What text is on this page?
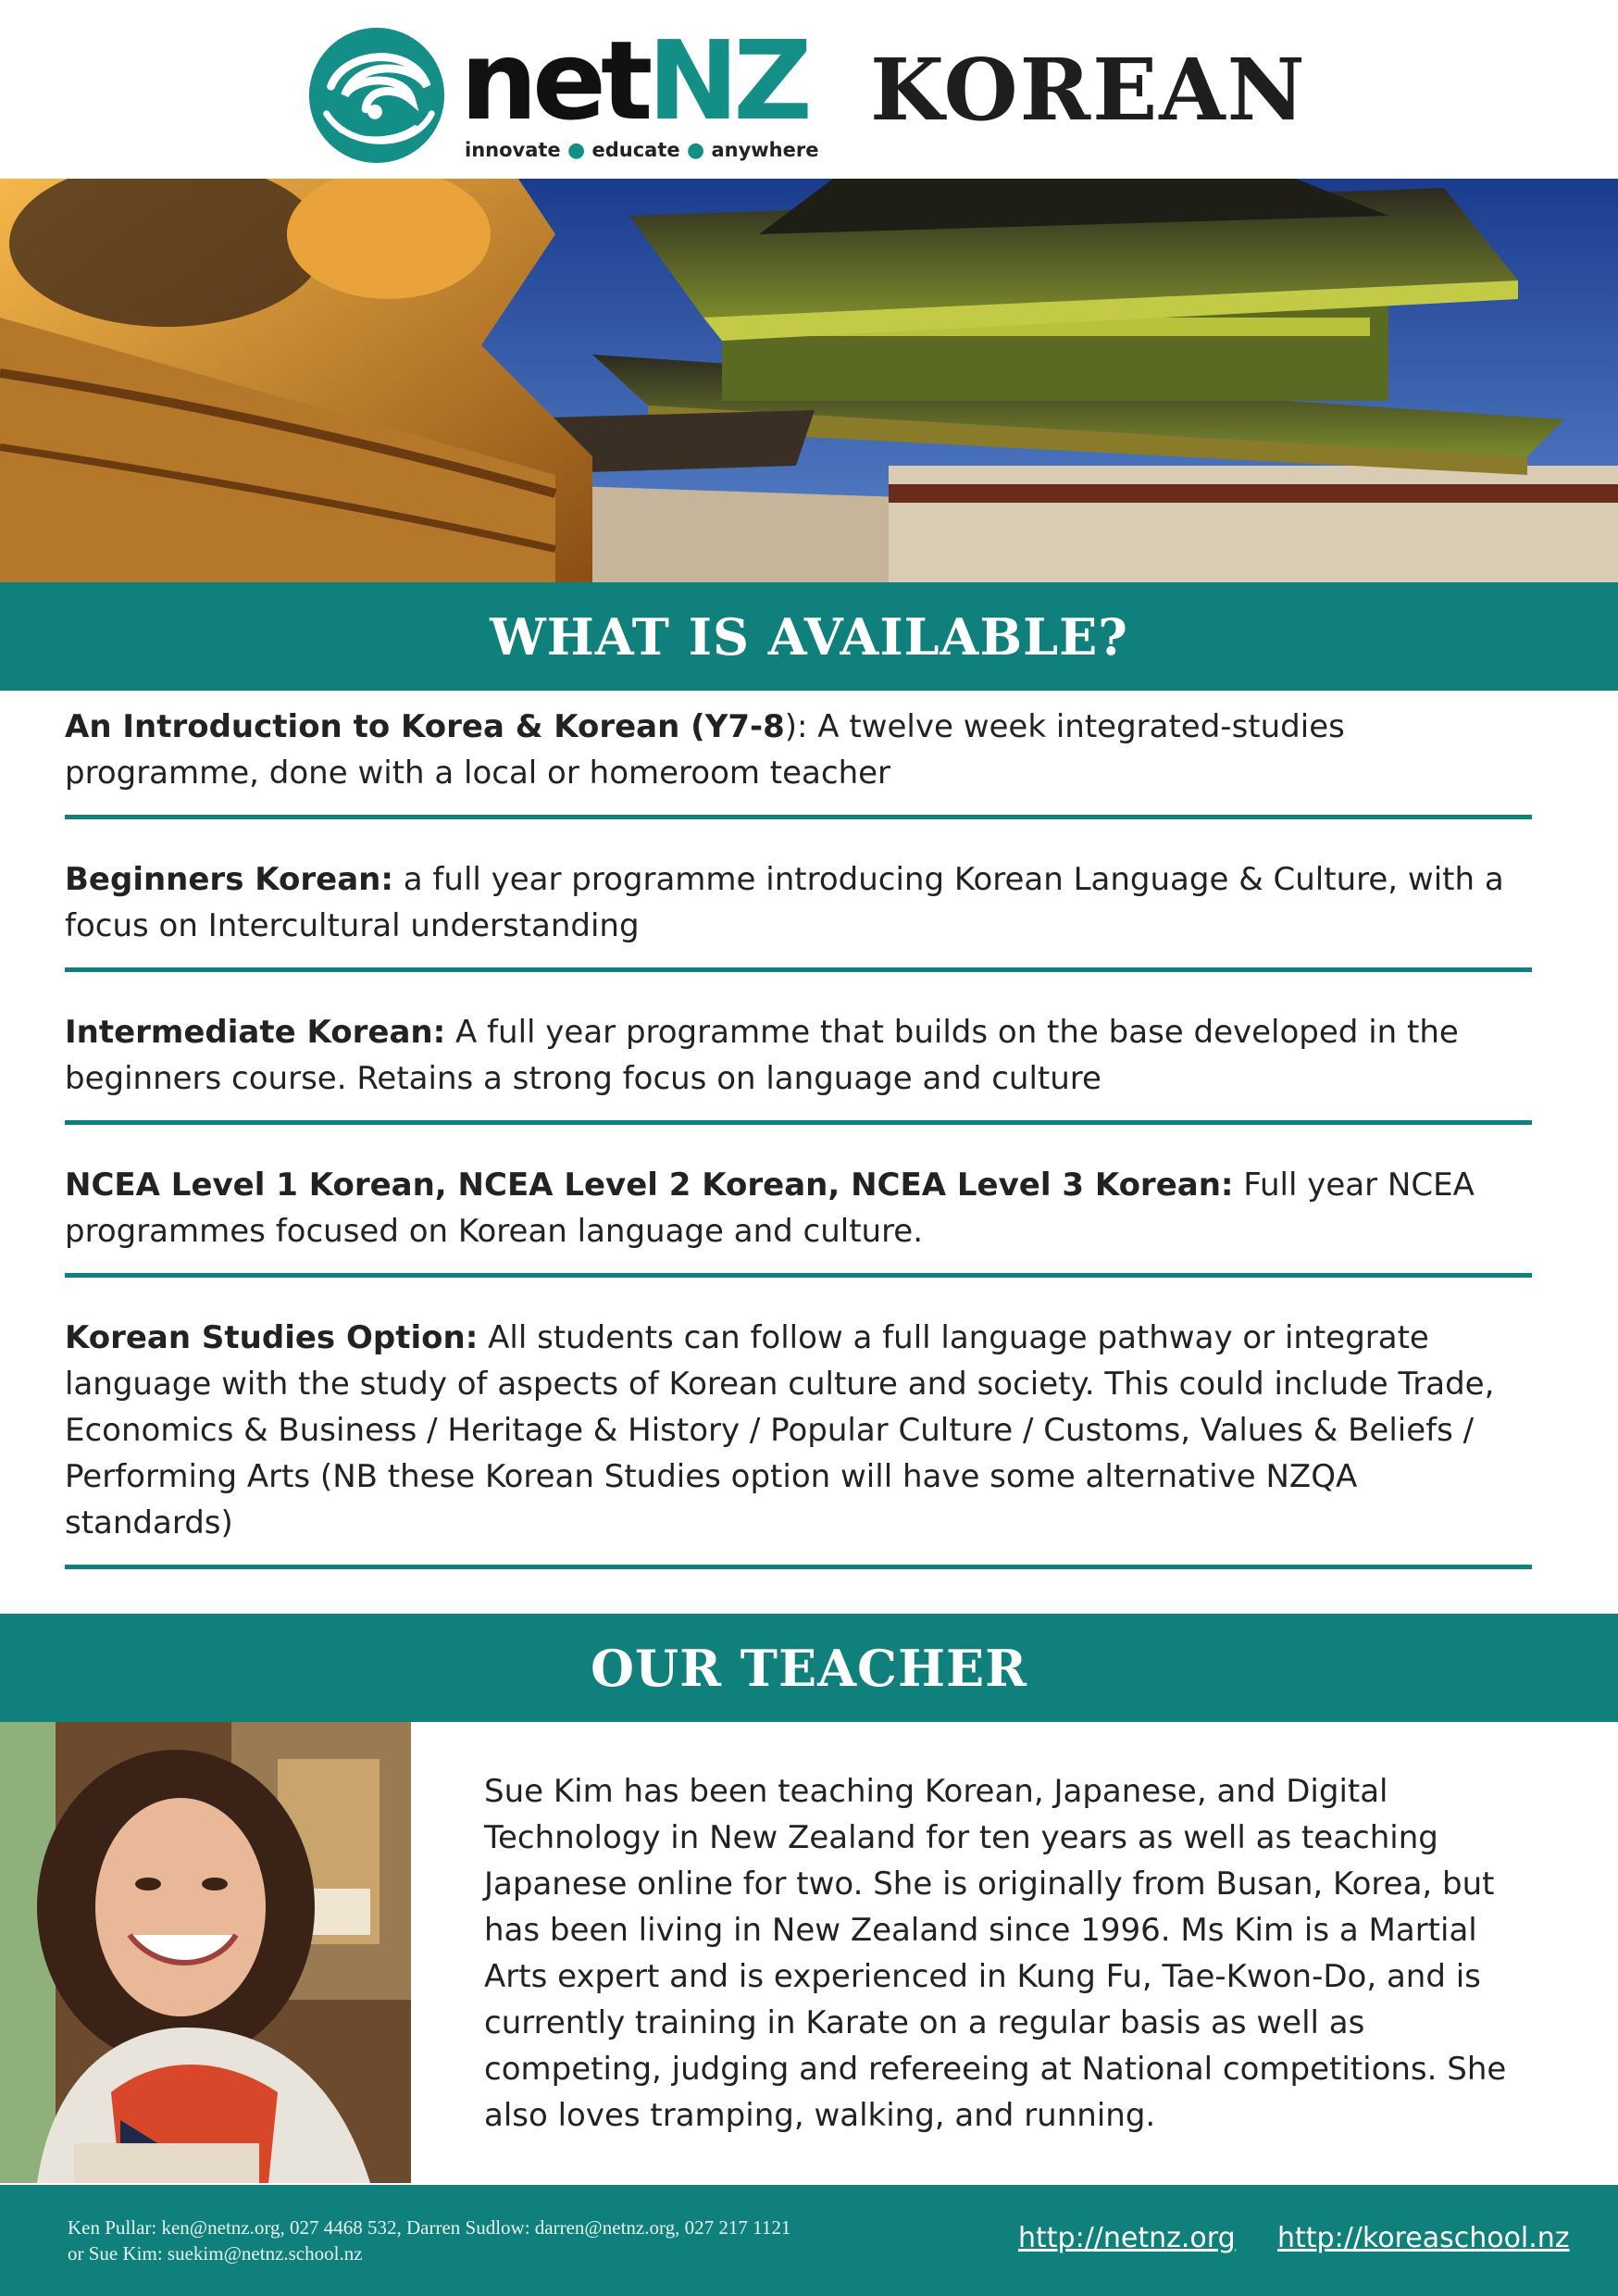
netNZ
innovate ● educate ● anywhere
KOREAN
WHAT IS AVAILABLE?
An Introduction to Korea & Korean (Y7-8): A twelve week integrated-studies programme, done with a local or homeroom teacher
Beginners Korean: a full year programme introducing Korean Language & Culture, with a focus on Intercultural understanding
Intermediate Korean: A full year programme that builds on the base developed in the beginners course. Retains a strong focus on language and culture
NCEA Level 1 Korean, NCEA Level 2 Korean, NCEA Level 3 Korean: Full year NCEA programmes focused on Korean language and culture.
Korean Studies Option: All students can follow a full language pathway or integrate language with the study of aspects of Korean culture and society. This could include Trade, Economics & Business / Heritage & History / Popular Culture / Customs, Values & Beliefs / Performing Arts (NB these Korean Studies option will have some alternative NZQA standards)
OUR TEACHER
Sue Kim has been teaching Korean, Japanese, and Digital Technology in New Zealand for ten years as well as teaching Japanese online for two. She is originally from Busan, Korea, but has been living in New Zealand since 1996. Ms Kim is a Martial Arts expert and is experienced in Kung Fu, Tae-Kwon-Do, and is currently training in Karate on a regular basis as well as competing, judging and refereeing at National competitions. She also loves tramping, walking, and running.
Ken Pullar: ken@netnz.org, 027 4468 532, Darren Sudlow: darren@netnz.org, 027 217 1121
or Sue Kim: suekim@netnz.school.nz	http://netnz.org http://koreaschool.nz
